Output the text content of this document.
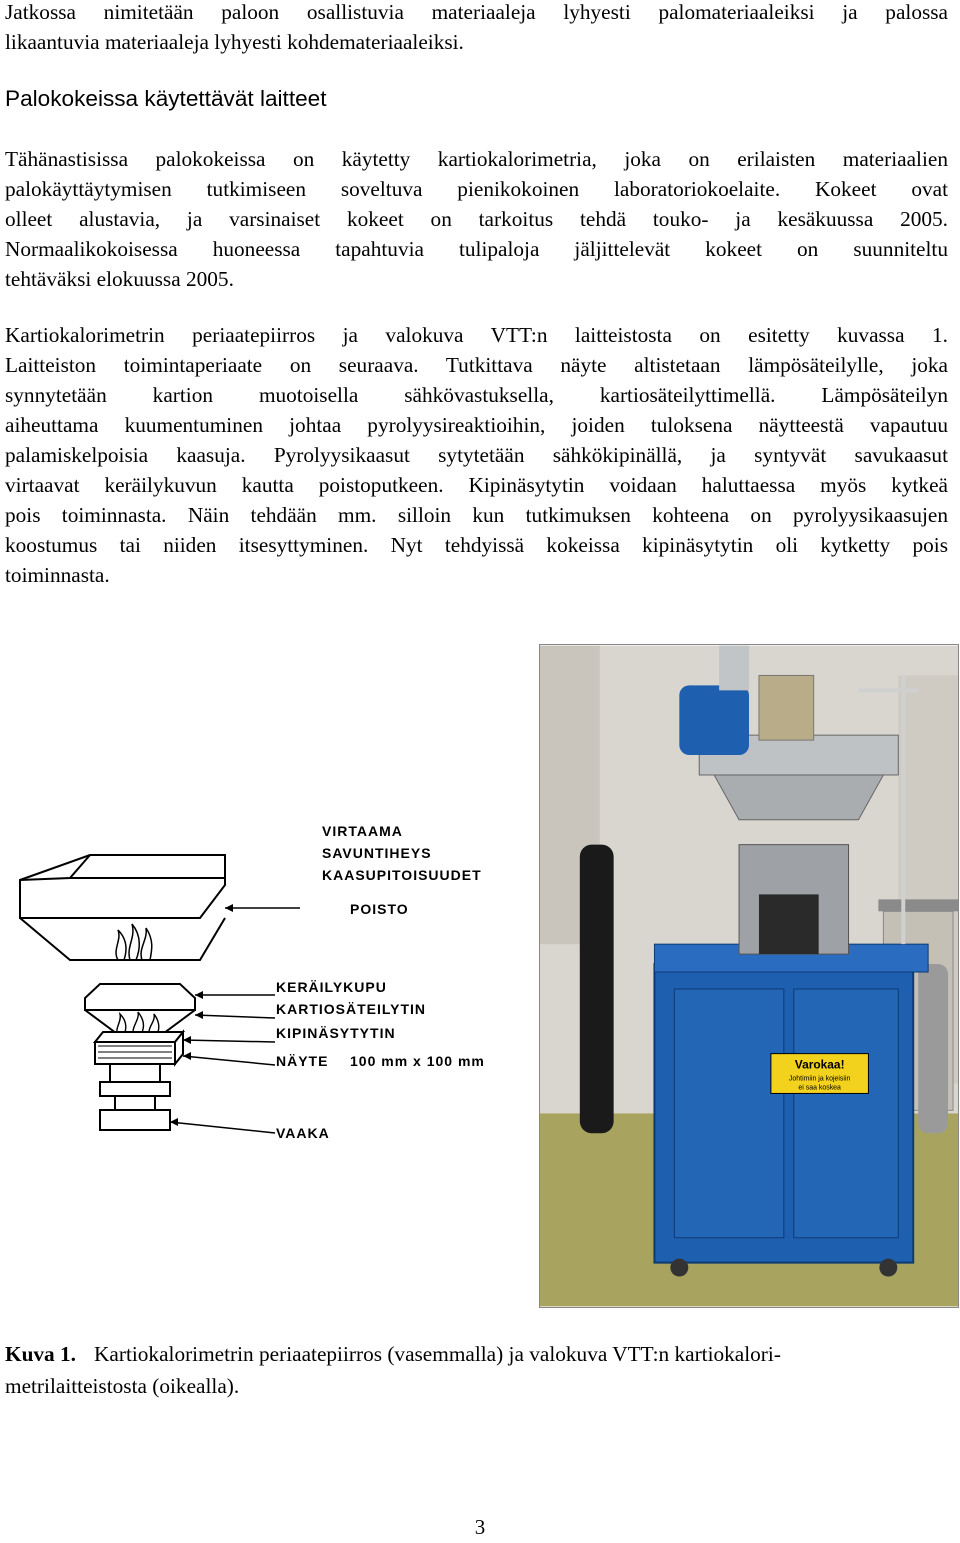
Jatkossa nimitetään paloon osallistuvia materiaaleja lyhyesti palomateriaaleiksi ja palossa
likaantuvia materiaaleja lyhyesti kohdemateriaaleiksi.
Palokokeissa käytettävät laitteet
Tähänastisissa palokokeissa on käytetty kartiokalorimetria, joka on erilaisten materiaalien
palokäyttäytymisen tutkimiseen soveltuva pienikokoinen laboratoriokoelaite. Kokeet ovat
olleet alustavia, ja varsinaiset kokeet on tarkoitus tehdä touko- ja kesäkuussa 2005.
Normaalikokoisessa huoneessa tapahtuvia tulipaloja jäljittelevät kokeet on suunniteltu
tehtäväksi elokuussa 2005.
Kartiokalorimetrin periaatepiirros ja valokuva VTT:n laitteistosta on esitetty kuvassa 1.
Laitteiston toimintaperiaate on seuraava. Tutkittava näyte altistetaan lämpösäteilylle, joka
synnytetään kartion muotoisella sähkövastuksella, kartiosäteilyttimellä. Lämpösäteilyn
aiheuttama kuumentuminen johtaa pyrolyysireaktioihin, joiden tuloksena näytteestä vapautuu
palamiskelpoisia kaasuja. Pyrolyysikaasut sytytetään sähkökipinällä, ja syntyvät savukaasut
virtaavat keräilykuvun kautta poistoputkeen. Kipinäsytytin voidaan haluttaessa myös kytkeä
pois toiminnasta. Näin tehdään mm. silloin kun tutkimuksen kohteena on pyrolyysikaasujen
koostumus tai niiden itsesyttyminen. Nyt tehdyissä kokeissa kipinäsytytin oli kytketty pois
toiminnasta.
VIRTAAMA
SAVUNTIHEYS
KAASUPITOISUUDET
POISTO
KERÄILYKUPU
KARTIOSÄTEILYTIN
KIPINÄSYTYTIN
NÄYTE 100 mm x 100 mm
VAAKA
Varokaa!
Johtimiin ja kojeisiin
ei saa koskea
Kuva 1. Kartiokalorimetrin periaatepiirros (vasemmalla) ja valokuva VTT:n kartiokalori-
metrilaitteistosta (oikealla).
3
